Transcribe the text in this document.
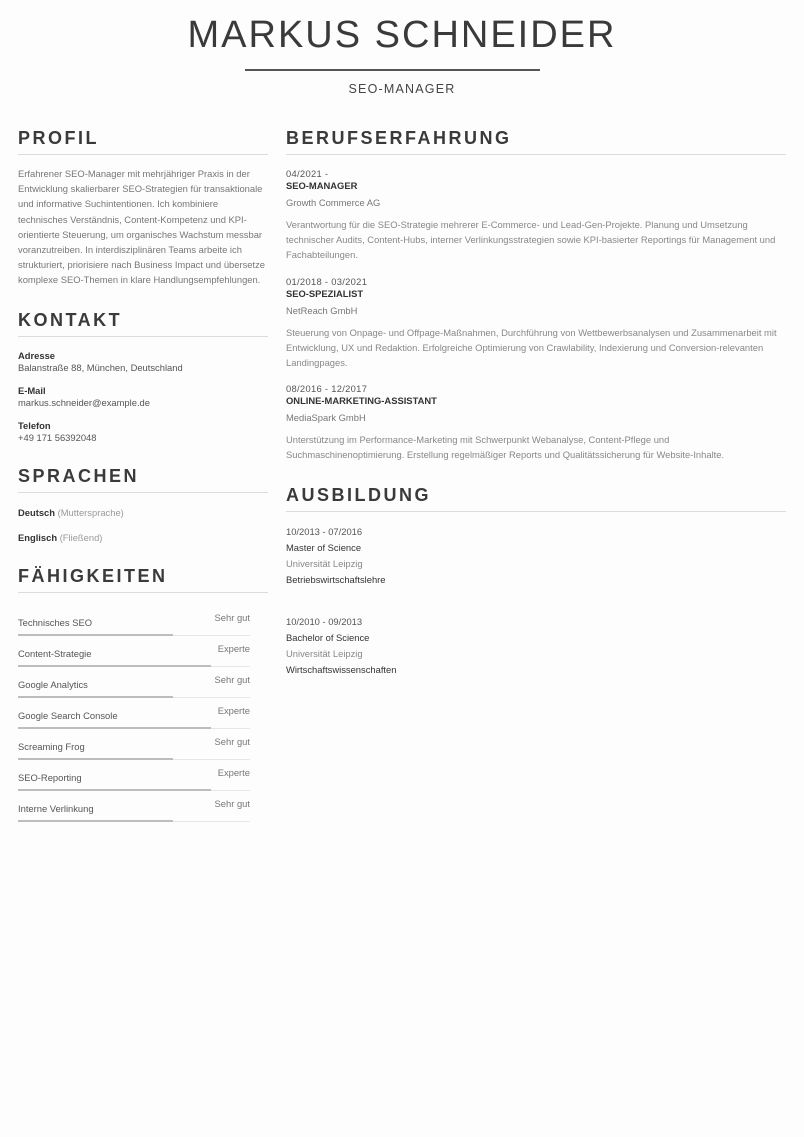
MARKUS SCHNEIDER
SEO-MANAGER
PROFIL
Erfahrener SEO-Manager mit mehrjähriger Praxis in der Entwicklung skalierbarer SEO-Strategien für transaktionale und informative Suchintentionen. Ich kombiniere technisches Verständnis, Content-Kompetenz und KPI-orientierte Steuerung, um organisches Wachstum messbar voranzutreiben. In interdisziplinären Teams arbeite ich strukturiert, priorisiere nach Business Impact und übersetze komplexe SEO-Themen in klare Handlungsempfehlungen.
KONTAKT
Adresse
Balanstraße 88, München, Deutschland
E-Mail
markus.schneider@example.de
Telefon
+49 171 56392048
SPRACHEN
Deutsch (Muttersprache)
Englisch (Fließend)
FÄHIGKEITEN
Technisches SEO	Sehr gut
Content-Strategie	Experte
Google Analytics	Sehr gut
Google Search Console	Experte
Screaming Frog	Sehr gut
SEO-Reporting	Experte
Interne Verlinkung	Sehr gut
BERUFSERFAHRUNG
04/2021 -
SEO-MANAGER
Growth Commerce AG
Verantwortung für die SEO-Strategie mehrerer E-Commerce- und Lead-Gen-Projekte. Planung und Umsetzung technischer Audits, Content-Hubs, interner Verlinkungsstrategien sowie KPI-basierter Reportings für Management und Fachabteilungen.
01/2018 - 03/2021
SEO-SPEZIALIST
NetReach GmbH
Steuerung von Onpage- und Offpage-Maßnahmen, Durchführung von Wettbewerbsanalysen und Zusammenarbeit mit Entwicklung, UX und Redaktion. Erfolgreiche Optimierung von Crawlability, Indexierung und Conversion-relevanten Landingpages.
08/2016 - 12/2017
ONLINE-MARKETING-ASSISTANT
MediaSpark GmbH
Unterstützung im Performance-Marketing mit Schwerpunkt Webanalyse, Content-Pflege und Suchmaschinenoptimierung. Erstellung regelmäßiger Reports und Qualitätssicherung für Website-Inhalte.
AUSBILDUNG
10/2013 - 07/2016
Master of Science
Universität Leipzig
Betriebswirtschaftslehre
10/2010 - 09/2013
Bachelor of Science
Universität Leipzig
Wirtschaftswissenschaften
